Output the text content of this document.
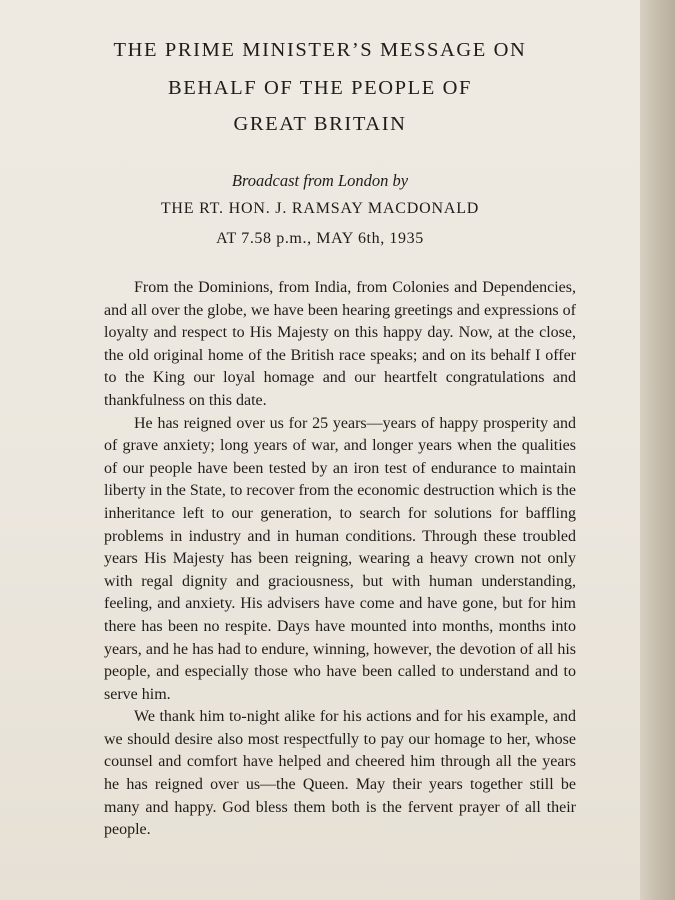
THE PRIME MINISTER’S MESSAGE ON
BEHALF OF THE PEOPLE OF
GREAT BRITAIN
Broadcast from London by
THE RT. HON. J. RAMSAY MACDONALD
AT 7.58 p.m., MAY 6th, 1935

From the Dominions, from India, from Colonies and Dependencies, and all over the globe, we have been hearing greetings and expressions of loyalty and respect to His Majesty on this happy day. Now, at the close, the old original home of the British race speaks; and on its behalf I offer to the King our loyal homage and our heartfelt congratulations and thankfulness on this date.

He has reigned over us for 25 years—years of happy prosperity and of grave anxiety; long years of war, and longer years when the qualities of our people have been tested by an iron test of endurance to maintain liberty in the State, to recover from the economic destruction which is the inheritance left to our generation, to search for solutions for baffling problems in industry and in human conditions. Through these troubled years His Majesty has been reigning, wearing a heavy crown not only with regal dignity and graciousness, but with human understanding, feeling, and anxiety. His advisers have come and have gone, but for him there has been no respite. Days have mounted into months, months into years, and he has had to endure, winning, however, the devotion of all his people, and especially those who have been called to understand and to serve him.

We thank him to-night alike for his actions and for his example, and we should desire also most respectfully to pay our homage to her, whose counsel and comfort have helped and cheered him through all the years he has reigned over us—the Queen. May their years together still be many and happy. God bless them both is the fervent prayer of all their people.
